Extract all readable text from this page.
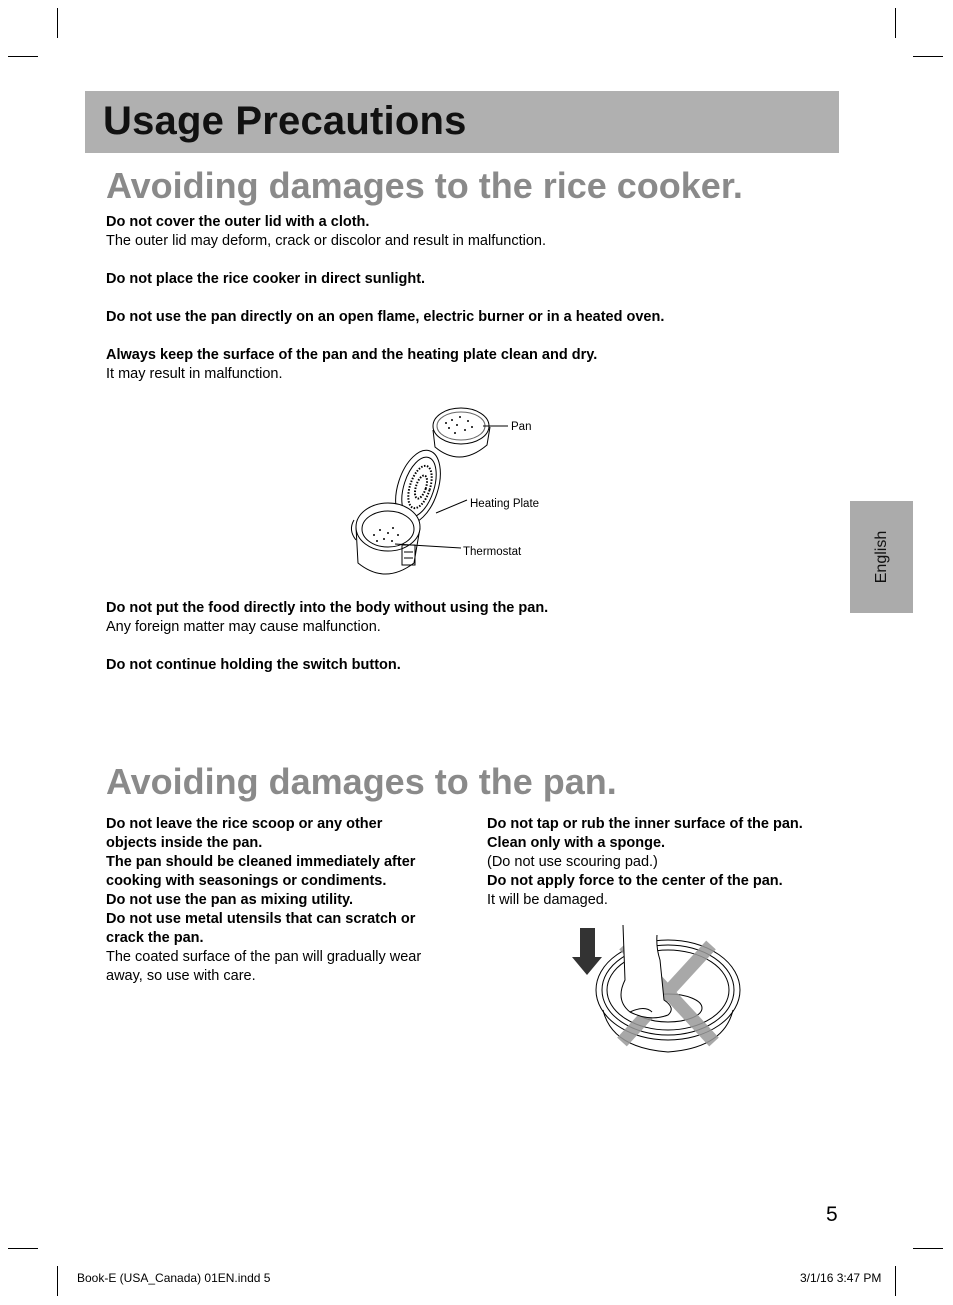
Usage Precautions
Avoiding damages to the rice cooker.
Do not cover the outer lid with a cloth.
The outer lid may deform, crack or discolor and result in malfunction.
Do not place the rice cooker in direct sunlight.
Do not use the pan directly on an open flame, electric burner or in a heated oven.
Always keep the surface of the pan and the heating plate clean and dry.
It may result in malfunction.
Pan
Heating Plate
Thermostat
Do not put the food directly into the body without using the pan.
Any foreign matter may cause malfunction.
Do not continue holding the switch button.
English
Avoiding damages to the pan.
Do not leave the rice scoop or any other
objects inside the pan.
The pan should be cleaned immediately after
cooking with seasonings or condiments.
Do not use the pan as mixing utility.
Do not use metal utensils that can scratch or
crack the pan.
The coated surface of the pan will gradually wear
away, so use with care.
Do not tap or rub the inner surface of the pan.
Clean only with a sponge.
(Do not use scouring pad.)
Do not apply force to the center of the pan.
It will be damaged.
5
Book-E (USA_Canada) 01EN.indd 5	3/1/16 3:47 PM
